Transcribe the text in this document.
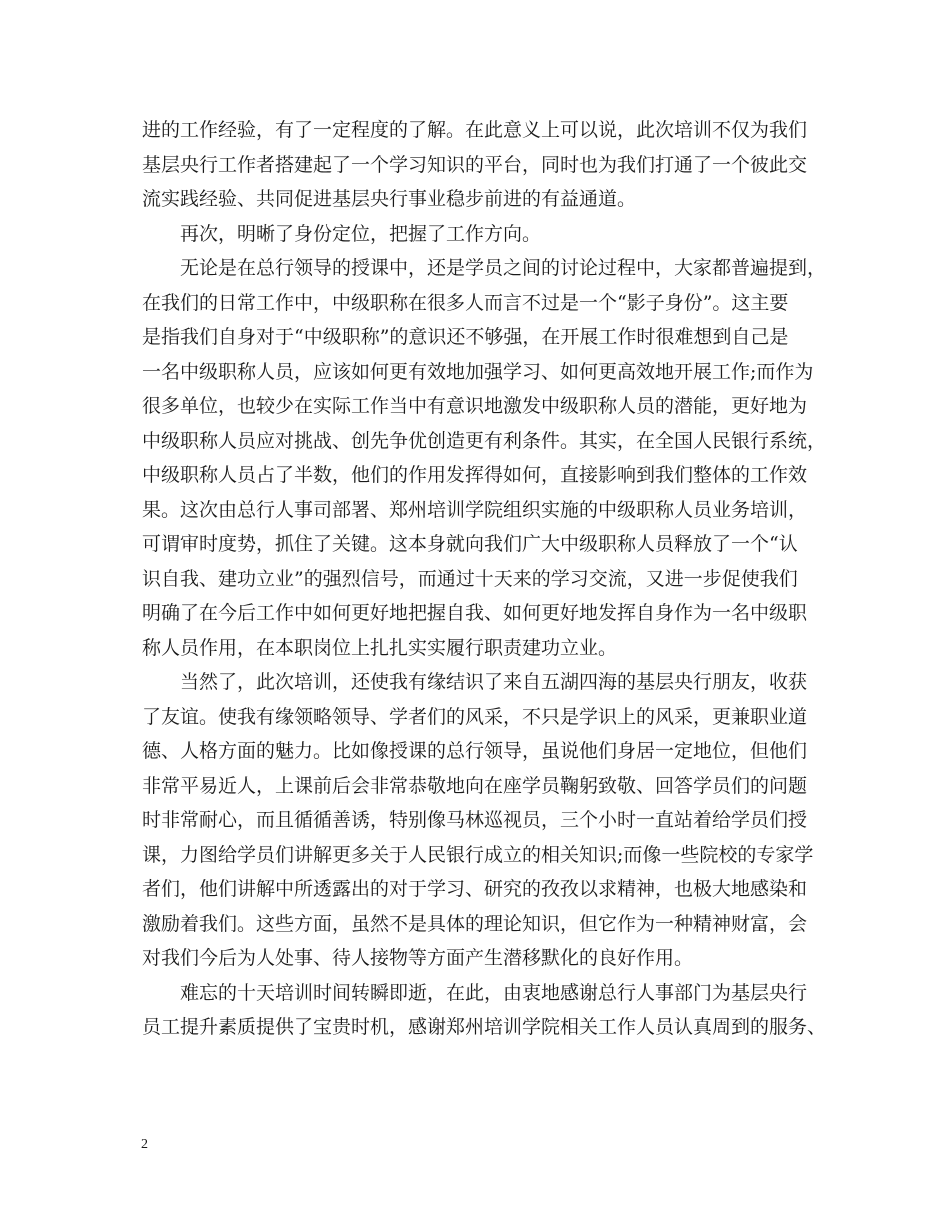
进的工作经验，有了一定程度的了解。在此意义上可以说，此次培训不仅为我们
基层央行工作者搭建起了一个学习知识的平台，同时也为我们打通了一个彼此交
流实践经验、共同促进基层央行事业稳步前进的有益通道。
再次，明晰了身份定位，把握了工作方向。
无论是在总行领导的授课中，还是学员之间的讨论过程中，大家都普遍提到，
在我们的日常工作中，中级职称在很多人而言不过是一个“影子身份”。这主要
是指我们自身对于“中级职称”的意识还不够强，在开展工作时很难想到自己是
一名中级职称人员，应该如何更有效地加强学习、如何更高效地开展工作;而作为
很多单位，也较少在实际工作当中有意识地激发中级职称人员的潜能，更好地为
中级职称人员应对挑战、创先争优创造更有利条件。其实，在全国人民银行系统，
中级职称人员占了半数，他们的作用发挥得如何，直接影响到我们整体的工作效
果。这次由总行人事司部署、郑州培训学院组织实施的中级职称人员业务培训，
可谓审时度势，抓住了关键。这本身就向我们广大中级职称人员释放了一个“认
识自我、建功立业”的强烈信号，而通过十天来的学习交流，又进一步促使我们
明确了在今后工作中如何更好地把握自我、如何更好地发挥自身作为一名中级职
称人员作用，在本职岗位上扎扎实实履行职责建功立业。
当然了，此次培训，还使我有缘结识了来自五湖四海的基层央行朋友，收获
了友谊。使我有缘领略领导、学者们的风采，不只是学识上的风采，更兼职业道
德、人格方面的魅力。比如像授课的总行领导，虽说他们身居一定地位，但他们
非常平易近人，上课前后会非常恭敬地向在座学员鞠躬致敬、回答学员们的问题
时非常耐心，而且循循善诱，特别像马林巡视员，三个小时一直站着给学员们授
课，力图给学员们讲解更多关于人民银行成立的相关知识;而像一些院校的专家学
者们，他们讲解中所透露出的对于学习、研究的孜孜以求精神，也极大地感染和
激励着我们。这些方面，虽然不是具体的理论知识，但它作为一种精神财富，会
对我们今后为人处事、待人接物等方面产生潜移默化的良好作用。
难忘的十天培训时间转瞬即逝，在此，由衷地感谢总行人事部门为基层央行
员工提升素质提供了宝贵时机，感谢郑州培训学院相关工作人员认真周到的服务、
2
